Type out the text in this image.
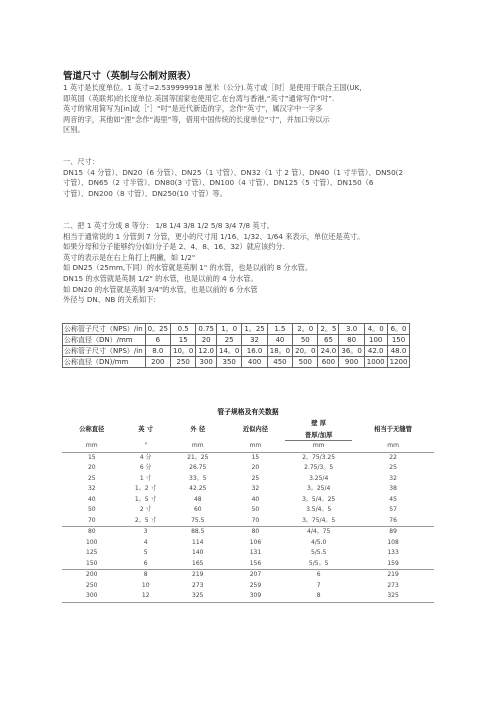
管道尺寸（英制与公制对照表）

1 英寸是长度单位。1 英寸=2.539999918 厘米（公分).英寸或［时］是使用于联合王国(UK,

即英国（英联邦)的长度单位.美国等国家也使用它.在台湾与香港,“英寸”通常写作“吋”.

英寸的常用简写为[in]或［″］“吋”是近代新造的字，念作“英寸”，属汉字中一字多

两音的字，其他如“浬”念作“海里”等，借用中国传统的长度单位“寸”，并加口旁以示

区别。

一、尺寸：

DN15（4 分管）、DN20（6 分管）、DN25（1 寸管）、DN32（1 寸 2 管）、DN40（1 寸半管）、DN50(2

寸管）、DN65（2 寸半管）、DN80(3 寸管）、DN100（4 寸管）、DN125（5 寸管）、DN150（6

寸管）、DN200（8 寸管）、DN250(10 寸管）等。

二、把 1 英寸分成 8 等分： 1/8 1/4 3/8 1/2 5/8 3/4 7/8 英寸。

相当于通常说的 1 分管到 7 分管，更小的尺寸用 1/16、1/32、1/64 来表示，单位还是英寸。

如果分母和分子能够约分(如)分子是 2、4、8、16、32）就应该约分.

英寸的表示是在右上角打上两撇，如 1/2"

如 DN25（25mm,下同）的水管就是英制 1" 的水管，也是以前的 8 分水管。

DN15 的水管就是英制 1/2" 的水管，也是以前的 4 分水管。

如 DN20 的水管就是英制 3/4"的水管，也是以前的 6 分水管

外径与 DN、NB 的关系如下:

公称管子尺寸（NPS）/in	0。25	0.5	0.75	1。0	1。25	1.5	2。0	2。5	3.0	4。0	6。0
公称直径（DN）/mm	6	15	20	25	32	40	50	65	80	100	150
公称管子尺寸（NPS）/in	8.0	10。0	12.0	14。0	16.0	18。0	20。0	24.0	36。0	42.0	48.0
公称直径（DN)/mm	200	250	300	350	400	450	500	600	900	1000	1200
管子规格及有关数据
公称直径	英 寸	外 径	近似内径	壁 厚	相当于无缝管
				普厚/加厚	
mm	"	mm	mm	mm	mm
15	4 分	21。25	15	2。75/3.25	22
20	6 分	26.75	20	2.75/3。5	25
25	1 寸	33。5	25	3.25/4	32
32	1。2 寸	42.25	32	3。25/4	38
40	1。5 寸	48	40	3。5/4。25	45
50	2 寸	60	50	3.5/4。5	57
70	2。5 寸	75.5	70	3。75/4。5	76
80	3	88.5	80	4/4。75	89
100	4	114	106	4/5.0	108
125	5	140	131	5/5.5	133
150	6	165	156	5/5。5	159
200	8	219	207	6	219
250	10	273	259	7	273
300	12	325	309	8	325
